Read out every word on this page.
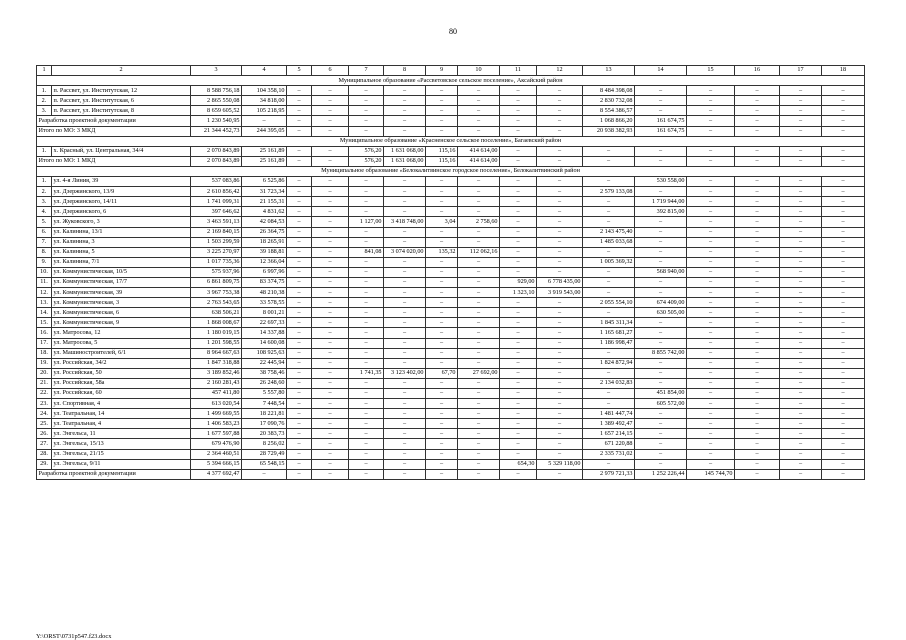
80
1	2	3	4	5	6	7	8	9	10	11	12	13	14	15	16	17	18
Муниципальное образование «Рассветовское сельское поселение», Аксайский район																	
1.	п. Рассвет, ул. Институтская, 12	8 588 756,18	104 358,10	–	–	–	–	–	–	–	–	8 484 398,08	–	–	–	–	–
2.	п. Рассвет, ул. Институтская, 6	2 865 550,08	34 818,00	–	–	–	–	–	–	–	–	2 830 732,08	–	–	–	–	–
3.	п. Рассвет, ул. Институтская, 8	8 659 605,52	105 218,95	–	–	–	–	–	–	–	–	8 554 386,57	–	–	–	–	–
Разработка проектной документации		1 230 540,95	–	–	–	–	–	–	–	–	–	1 068 866,20	161 674,75	–	–	–	–
Итого по МО: 3 МКД		21 344 452,73	244 395,05	–	–	–	–	–	–	–	–	20 938 382,93	161 674,75	–	–	–	–
Муниципальное образование «Красненское сельское поселение», Багаевский район																	
1.	х. Красный, ул. Центральная, 34/4	2 070 843,89	25 161,89	–	–	576,20	1 631 068,00	115,16	414 614,00	–	–	–	–	–	–	–	–
Итого по МО: 1 МКД		2 070 843,89	25 161,89	–	–	576,20	1 631 068,00	115,16	414 614,00	–	–	–	–	–	–	–	–
Муниципальное образование «Белокалитвинское городское поселение», Белокалитвинский район																	
1.	ул. 4-я Линия, 39	537 083,86	6 525,86	–	–	–	–	–	–	–	–	–	530 558,00	–	–	–	–
2.	ул. Дзержинского, 13/9	2 610 856,42	31 723,34	–	–	–	–	–	–	–	–	2 579 133,08	–	–	–	–	–
3.	ул. Дзержинского, 14/11	1 741 099,31	21 155,31	–	–	–	–	–	–	–	–	–	1 719 944,00	–	–	–	–
4.	ул. Дзержинского, 6	397 646,62	4 831,62	–	–	–	–	–	–	–	–	–	392 815,00	–	–	–	–
5.	ул. Жуковского, 3	3 463 591,13	42 084,53	–	–	1 127,00	3 418 748,00	3,04	2 758,60	–	–	–	–	–	–	–	–
6.	ул. Калинина, 13/1	2 169 840,15	26 364,75	–	–	–	–	–	–	–	–	2 143 475,40	–	–	–	–	–
7.	ул. Калинина, 3	1 503 299,59	18 265,91	–	–	–	–	–	–	–	–	1 485 033,68	–	–	–	–	–
8.	ул. Калинина, 5	3 225 270,97	39 188,81	–	–	841,08	3 074 020,00	135,32	112 062,16	–	–	–	–	–	–	–	–
9.	ул. Калинина, 7/1	1 017 735,36	12 366,04	–	–	–	–	–	–	–	–	1 005 369,32	–	–	–	–	–
10.	ул. Коммунистическая, 10/5	575 937,96	6 997,96	–	–	–	–	–	–	–	–	–	568 940,00	–	–	–	–
11.	ул. Коммунистическая, 17/7	6 861 809,75	83 374,75	–	–	–	–	–	–	929,00	6 778 435,00	–	–	–	–	–	–
12.	ул. Коммунистическая, 39	3 967 753,38	48 210,38	–	–	–	–	–	–	1 323,10	3 919 543,00	–	–	–	–	–	–
13.	ул. Коммунистическая, 3	2 763 543,65	33 578,55	–	–	–	–	–	–	–	–	2 055 554,10	674 409,00	–	–	–	–
14.	ул. Коммунистическая, 6	638 506,21	8 001,21	–	–	–	–	–	–	–	–	–	630 505,00	–	–	–	–
15.	ул. Коммунистическая, 9	1 868 008,67	22 697,33	–	–	–	–	–	–	–	–	1 845 311,34	–	–	–	–	–
16.	ул. Матросова, 12	1 180 019,15	14 337,88	–	–	–	–	–	–	–	–	1 165 681,27	–	–	–	–	–
17.	ул. Матросова, 5	1 201 598,55	14 600,08	–	–	–	–	–	–	–	–	1 186 998,47	–	–	–	–	–
18.	ул. Машиностроителей, 6/1	8 964 667,63	108 925,63	–	–	–	–	–	–	–	–	–	8 855 742,00	–	–	–	–
19.	ул. Российская, 34/2	1 847 318,88	22 445,94	–	–	–	–	–	–	–	–	1 824 872,94	–	–	–	–	–
20.	ул. Российская, 50	3 189 852,46	38 758,46	–	–	1 741,35	3 123 402,00	67,70	27 692,00	–	–	–	–	–	–	–	–
21.	ул. Российская, 58а	2 160 281,43	26 248,60	–	–	–	–	–	–	–	–	2 134 032,83	–	–	–	–	–
22.	ул. Российская, 60	457 411,80	5 557,80	–	–	–	–	–	–	–	–	–	451 854,00	–	–	–	–
23.	ул. Спортивная, 4	613 020,54	7 448,54	–	–	–	–	–	–	–	–	–	605 572,00	–	–	–	–
24.	ул. Театральная, 14	1 499 669,55	18 221,81	–	–	–	–	–	–	–	–	1 481 447,74	–	–	–	–	–
25.	ул. Театральная, 4	1 406 583,23	17 090,76	–	–	–	–	–	–	–	–	1 389 492,47	–	–	–	–	–
26.	ул. Энгельса, 11	1 677 597,88	20 383,73	–	–	–	–	–	–	–	–	1 657 214,15	–	–	–	–	–
27.	ул. Энгельса, 15/13	679 476,90	8 256,02	–	–	–	–	–	–	–	–	671 220,88	–	–	–	–	–
28.	ул. Энгельса, 21/15	2 364 460,51	28 729,49	–	–	–	–	–	–	–	–	2 335 731,02	–	–	–	–	–
29.	ул. Энгельса, 9/11	5 394 666,15	65 548,15	–	–	–	–	–	–	654,30	5 329 118,00	–	–	–	–	–	–
Разработка проектной документации		4 377 692,47	–	–	–	–	–	–	–	–	–	2 979 721,33	1 252 226,44	145 744,70	–	–	–
Y:\ORST\0731p547.f23.docx
